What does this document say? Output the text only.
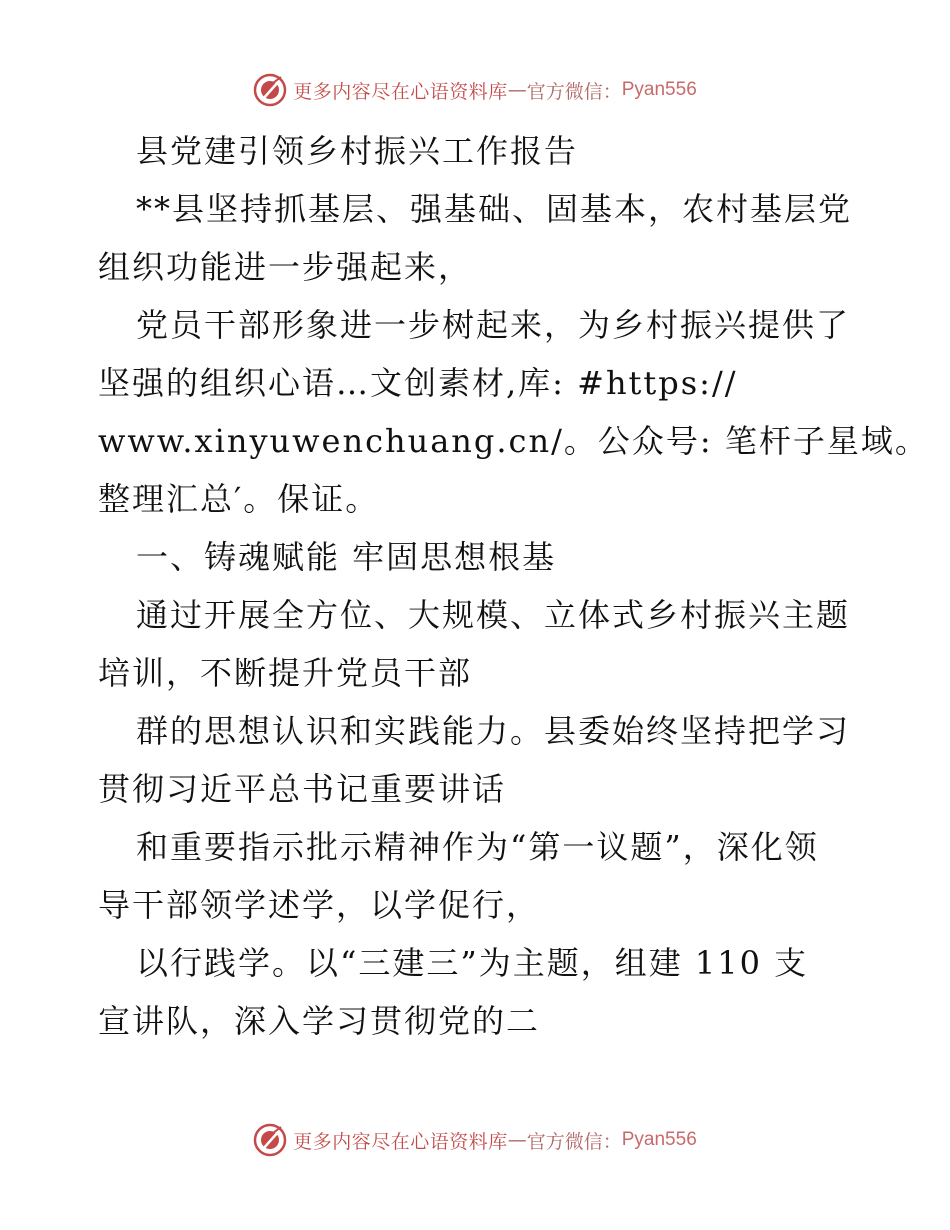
更多内容尽在心语资料库 — 官方微信： Pyan556
县党建引领乡村振兴工作报告
**县坚持抓基层、强基础、固基本，农村基层党
组织功能进一步强起来，
党员干部形象进一步树起来，为乡村振兴提供了
坚强的组织心语…文创素材,库: #https://
www.xinyuwenchuang.cn/。公众号: 笔杆子星域。
整理汇总′。保证。
一、铸魂赋能 牢固思想根基
通过开展全方位、大规模、立体式乡村振兴主题
培训，不断提升党员干部
群的思想认识和实践能力。县委始终坚持把学习
贯彻习近平总书记重要讲话
和重要指示批示精神作为“第一议题”，深化领
导干部领学述学，以学促行，
以行践学。以“三建三”为主题，组建 110 支
宣讲队，深入学习贯彻党的二
更多内容尽在心语资料库 — 官方微信： Pyan556
